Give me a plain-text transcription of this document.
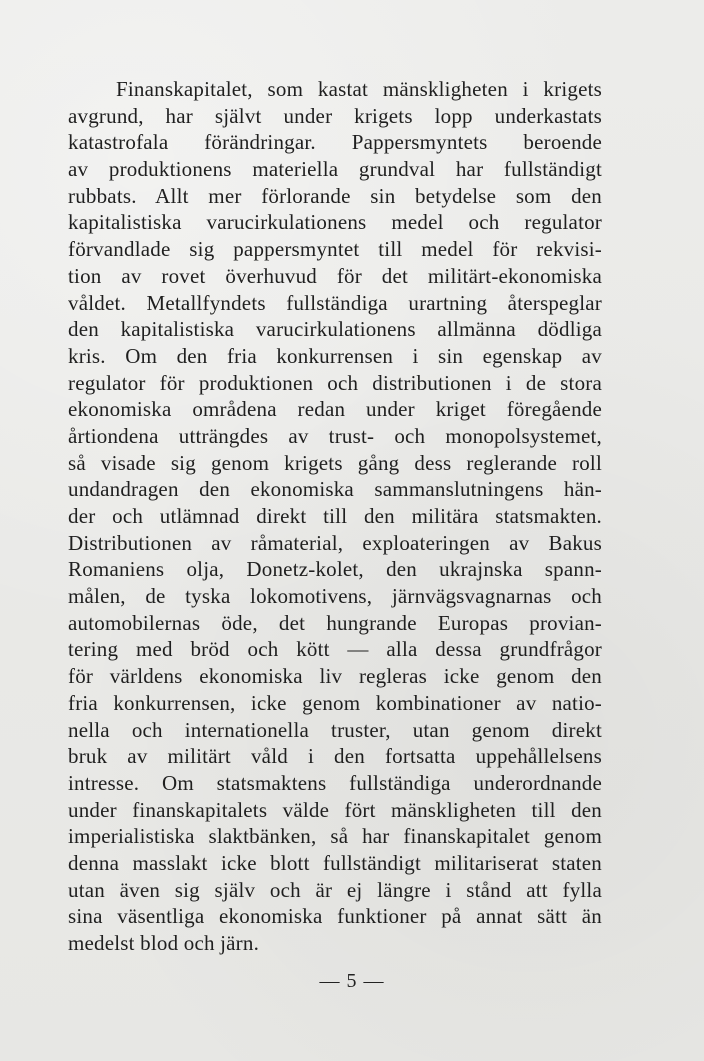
Finanskapitalet, som kastat mänskligheten i krigets
avgrund, har självt under krigets lopp underkastats
katastrofala förändringar. Pappersmyntets beroende
av produktionens materiella grundval har fullständigt
rubbats. Allt mer förlorande sin betydelse som den
kapitalistiska varucirkulationens medel och regulator
förvandlade sig pappersmyntet till medel för rekvisi-
tion av rovet överhuvud för det militärt-ekonomiska
våldet. Metallfyndets fullständiga urartning återspeglar
den kapitalistiska varucirkulationens allmänna dödliga
kris. Om den fria konkurrensen i sin egenskap av
regulator för produktionen och distributionen i de stora
ekonomiska områdena redan under kriget föregående
årtiondena utträngdes av trust- och monopolsystemet,
så visade sig genom krigets gång dess reglerande roll
undandragen den ekonomiska sammanslutningens hän-
der och utlämnad direkt till den militära statsmakten.
Distributionen av råmaterial, exploateringen av Bakus
Romaniens olja, Donetz-kolet, den ukrajnska spann-
målen, de tyska lokomotivens, järnvägsvagnarnas och
automobilernas öde, det hungrande Europas provian-
tering med bröd och kött — alla dessa grundfrågor
för världens ekonomiska liv regleras icke genom den
fria konkurrensen, icke genom kombinationer av natio-
nella och internationella truster, utan genom direkt
bruk av militärt våld i den fortsatta uppehållelsens
intresse. Om statsmaktens fullständiga underordnande
under finanskapitalets välde fört mänskligheten till den
imperialistiska slaktbänken, så har finanskapitalet genom
denna masslakt icke blott fullständigt militariserat staten
utan även sig själv och är ej längre i stånd att fylla
sina väsentliga ekonomiska funktioner på annat sätt än
medelst blod och järn.
— 5 —
